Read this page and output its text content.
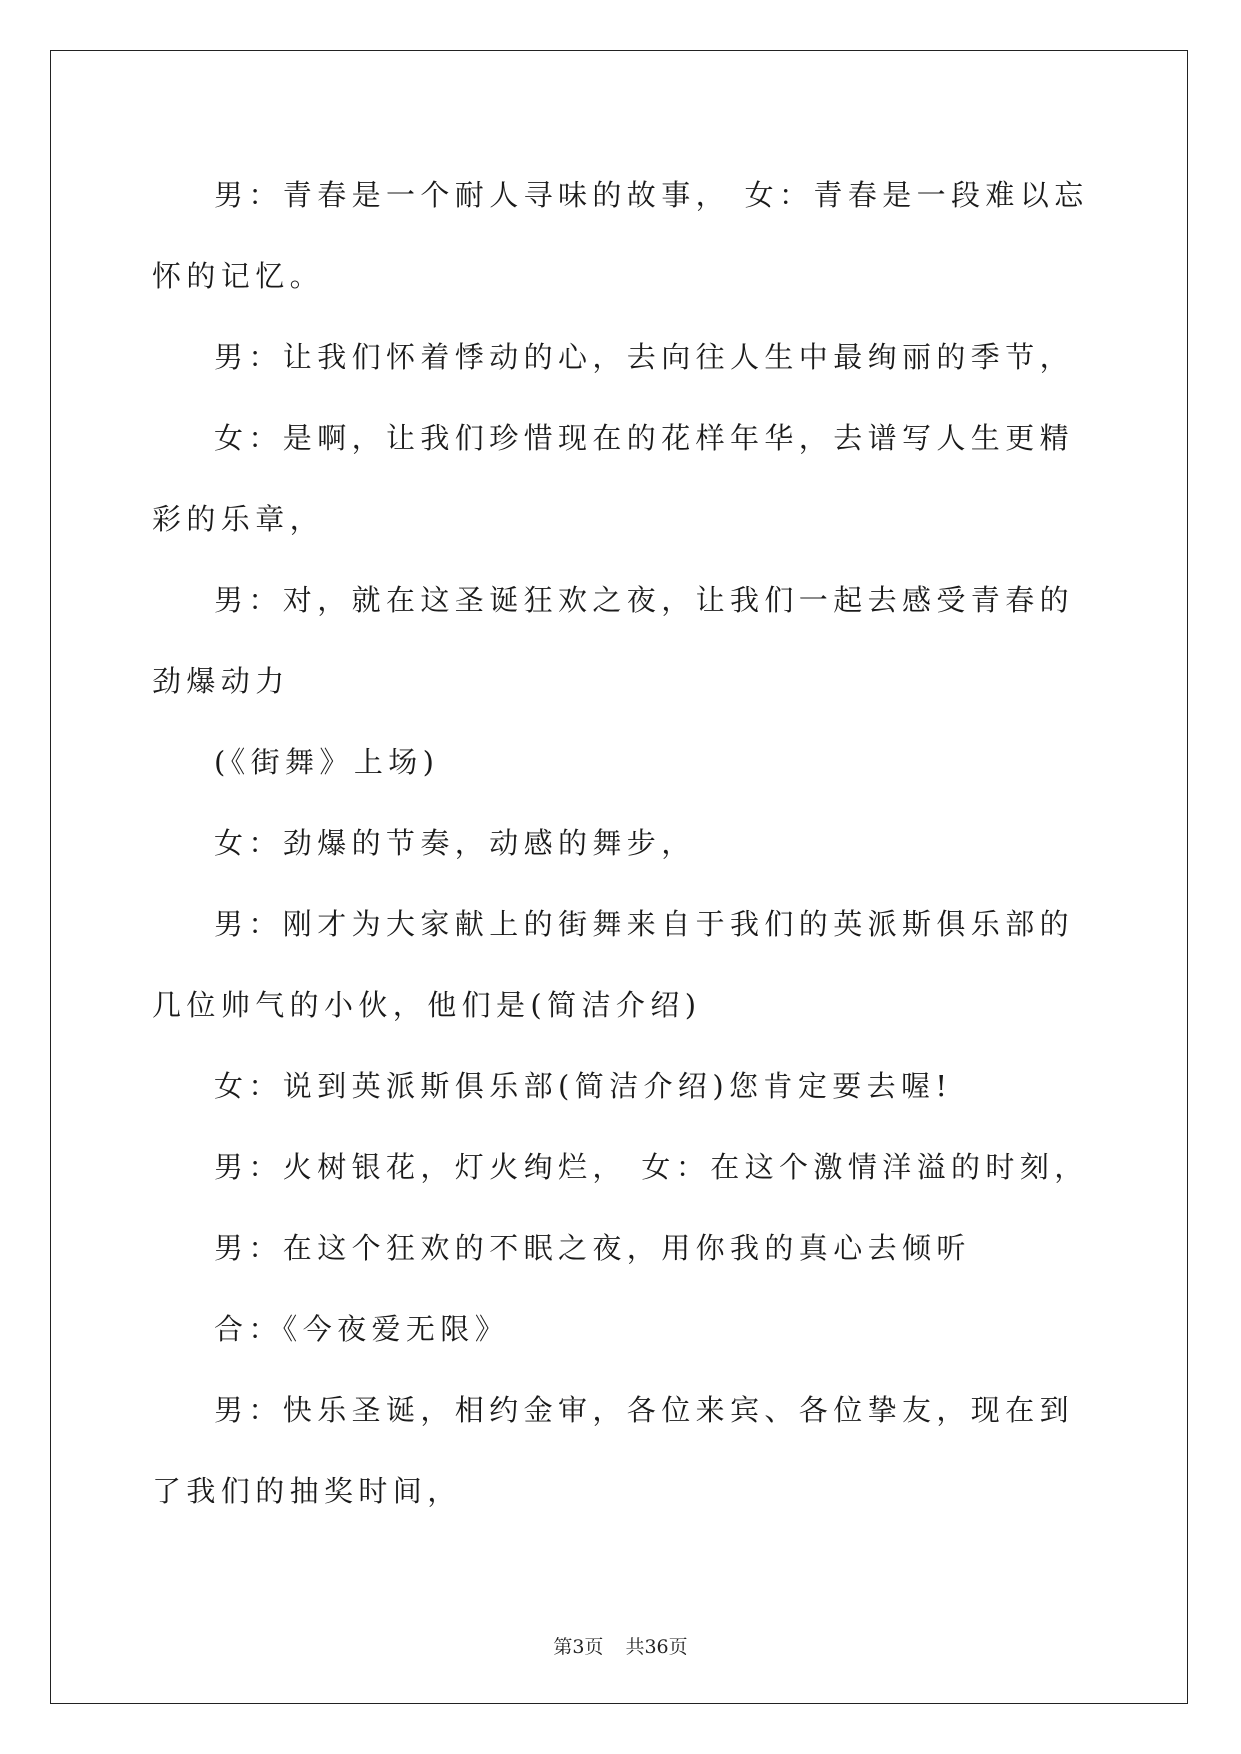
男：青春是一个耐人寻味的故事， 女：青春是一段难以忘怀的记忆。

男：让我们怀着悸动的心，去向往人生中最绚丽的季节，

女：是啊，让我们珍惜现在的花样年华，去谱写人生更精彩的乐章，

男：对，就在这圣诞狂欢之夜，让我们一起去感受青春的劲爆动力

(《街舞》上场)

女：劲爆的节奏，动感的舞步，

男：刚才为大家献上的街舞来自于我们的英派斯俱乐部的几位帅气的小伙，他们是(简洁介绍)

女：说到英派斯俱乐部(简洁介绍)您肯定要去喔!

男：火树银花，灯火绚烂， 女：在这个激情洋溢的时刻，

男：在这个狂欢的不眠之夜，用你我的真心去倾听

合：《今夜爱无限》

男：快乐圣诞，相约金审，各位来宾、各位挚友，现在到了我们的抽奖时间，

第3页 共36页
